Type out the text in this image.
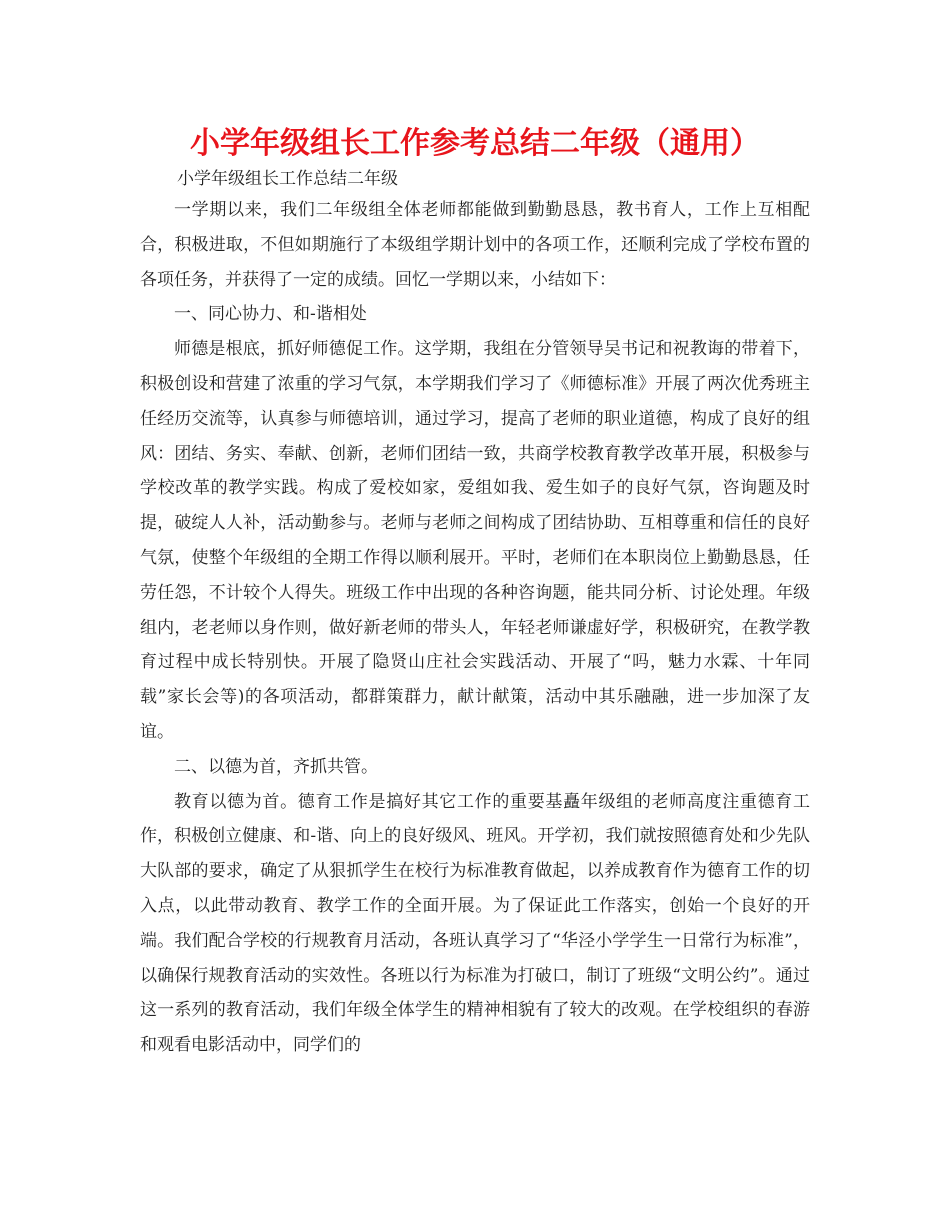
小学年级组长工作参考总结二年级（通用）

小学年级组长工作总结二年级

一学期以来，我们二年级组全体老师都能做到勤勤恳恳，教书育人，工作上互相配合，积极进取，不但如期施行了本级组学期计划中的各项工作，还顺利完成了学校布置的各项任务，并获得了一定的成绩。回忆一学期以来，小结如下：

一、同心协力、和-谐相处

师德是根底，抓好师德促工作。这学期，我组在分管领导吴书记和祝教诲的带着下，积极创设和营建了浓重的学习气氛，本学期我们学习了《师德标准》开展了两次优秀班主任经历交流等，认真参与师德培训，通过学习，提高了老师的职业道德，构成了良好的组风：团结、务实、奉献、创新，老师们团结一致，共商学校教育教学改革开展，积极参与学校改革的教学实践。构成了爱校如家，爱组如我、爱生如子的良好气氛，咨询题及时提，破绽人人补，活动勤参与。老师与老师之间构成了团结协助、互相尊重和信任的良好气氛，使整个年级组的全期工作得以顺利展开。平时，老师们在本职岗位上勤勤恳恳，任劳任怨，不计较个人得失。班级工作中出现的各种咨询题，能共同分析、讨论处理。年级组内，老老师以身作则，做好新老师的带头人，年轻老师谦虚好学，积极研究，在教学教育过程中成长特别快。开展了隐贤山庄社会实践活动、开展了“吗，魅力水霖、十年同载”家长会等)的各项活动，都群策群力，献计献策，活动中其乐融融，进一步加深了友谊。

二、以德为首，齐抓共管。

教育以德为首。德育工作是搞好其它工作的重要基矗年级组的老师高度注重德育工作，积极创立健康、和-谐、向上的良好级风、班风。开学初，我们就按照德育处和少先队大队部的要求，确定了从狠抓学生在校行为标准教育做起，以养成教育作为德育工作的切入点，以此带动教育、教学工作的全面开展。为了保证此工作落实，创始一个良好的开端。我们配合学校的行规教育月活动，各班认真学习了“华泾小学学生一日常行为标准”，以确保行规教育活动的实效性。各班以行为标准为打破口，制订了班级“文明公约”。通过这一系列的教育活动，我们年级全体学生的精神相貌有了较大的改观。在学校组织的春游和观看电影活动中，同学们的
